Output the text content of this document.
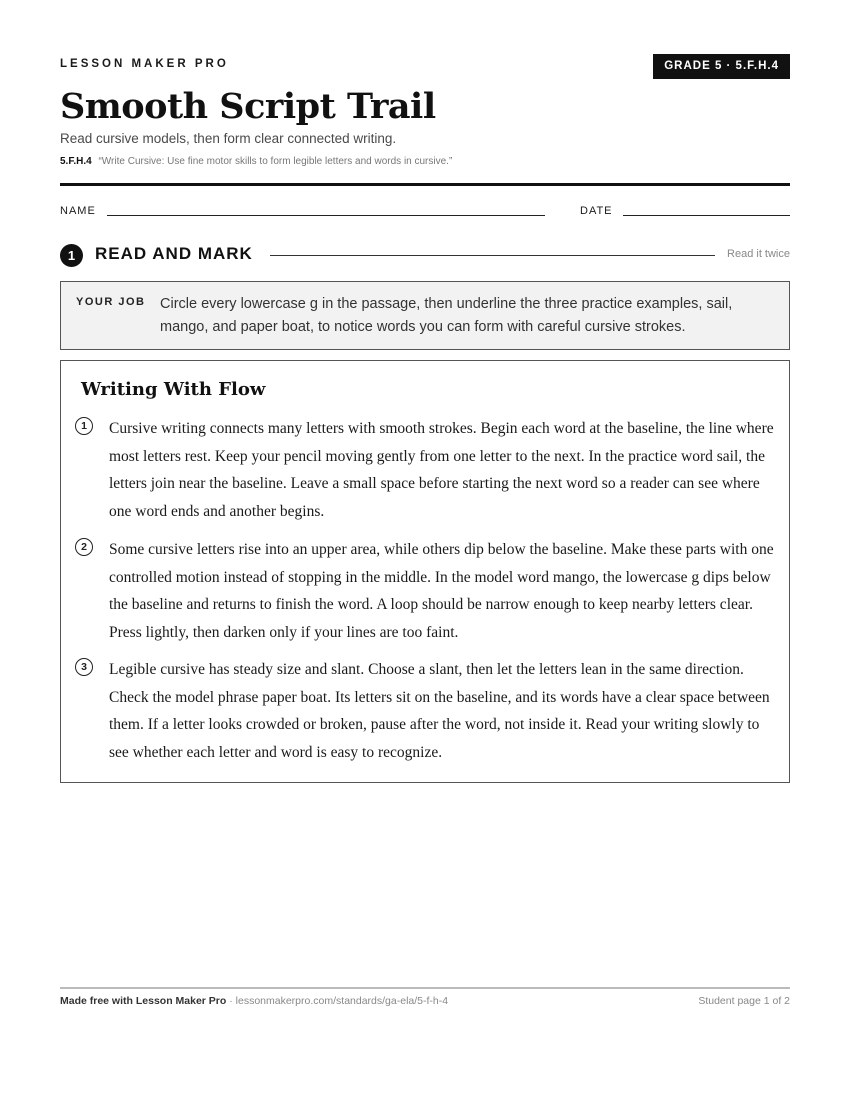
LESSON MAKER PRO	GRADE 5 · 5.F.H.4
Smooth Script Trail
Read cursive models, then form clear connected writing.
5.F.H.4 “Write Cursive: Use fine motor skills to form legible letters and words in cursive.”
NAME	DATE
1	READ AND MARK	Read it twice
YOUR JOB Circle every lowercase g in the passage, then underline the three practice examples, sail, mango, and paper boat, to notice words you can form with careful cursive strokes.
Writing With Flow
1	Cursive writing connects many letters with smooth strokes. Begin each word at the baseline, the line where most letters rest. Keep your pencil moving gently from one letter to the next. In the practice word sail, the letters join near the baseline. Leave a small space before starting the next word so a reader can see where one word ends and another begins.
2	Some cursive letters rise into an upper area, while others dip below the baseline. Make these parts with one controlled motion instead of stopping in the middle. In the model word mango, the lowercase g dips below the baseline and returns to finish the word. A loop should be narrow enough to keep nearby letters clear. Press lightly, then darken only if your lines are too faint.
3	Legible cursive has steady size and slant. Choose a slant, then let the letters lean in the same direction. Check the model phrase paper boat. Its letters sit on the baseline, and its words have a clear space between them. If a letter looks crowded or broken, pause after the word, not inside it. Read your writing slowly to see whether each letter and word is easy to recognize.
Made free with Lesson Maker Pro · lessonmakerpro.com/standards/ga-ela/5-f-h-4	Student page 1 of 2
